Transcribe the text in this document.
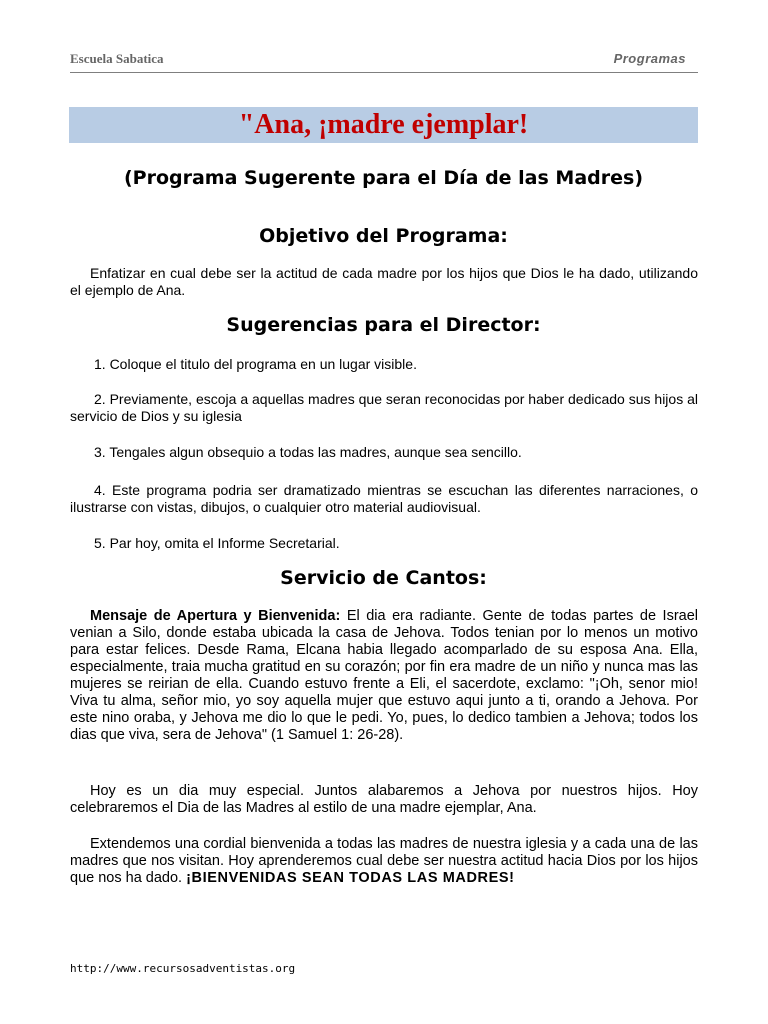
Escuela Sabatica	Programas
"Ana, ¡madre ejemplar!
(Programa Sugerente para el Día de las Madres)
Objetivo del Programa:
Enfatizar en cual debe ser la actitud de cada madre por los hijos que Dios le ha dado, utilizando el ejemplo de Ana.
Sugerencias para el Director:
1. Coloque el titulo del programa en un lugar visible.
2. Previamente, escoja a aquellas madres que seran reconocidas por haber dedicado sus hijos al servicio de Dios y su iglesia
3. Tengales algun obsequio a todas las madres, aunque sea sencillo.
4. Este programa podria ser dramatizado mientras se escuchan las diferentes narraciones, o ilustrarse con vistas, dibujos, o cualquier otro material audiovisual.
5. Par hoy, omita el Informe Secretarial.
Servicio de Cantos:
Mensaje de Apertura y Bienvenida: El dia era radiante. Gente de todas partes de Israel venian a Silo, donde estaba ubicada la casa de Jehova. Todos tenian por lo menos un motivo para estar felices. Desde Rama, Elcana habia llegado acomparlado de su esposa Ana. Ella, especialmente, traia mucha gratitud en su corazón; por fin era madre de un niño y nunca mas las mujeres se reirian de ella. Cuando estuvo frente a Eli, el sacerdote, exclamo: "¡Oh, senor mio! Viva tu alma, señor mio, yo soy aquella mujer que estuvo aqui junto a ti, orando a Jehova. Por este nino oraba, y Jehova me dio lo que le pedi. Yo, pues, lo dedico tambien a Jehova; todos los dias que viva, sera de Jehova" (1 Samuel 1: 26-28).
Hoy es un dia muy especial. Juntos alabaremos a Jehova por nuestros hijos. Hoy celebraremos el Dia de las Madres al estilo de una madre ejemplar, Ana.
Extendemos una cordial bienvenida a todas las madres de nuestra iglesia y a cada una de las madres que nos visitan. Hoy aprenderemos cual debe ser nuestra actitud hacia Dios por los hijos que nos ha dado. ¡BIENVENIDAS SEAN TODAS LAS MADRES!
http://www.recursosadventistas.org
